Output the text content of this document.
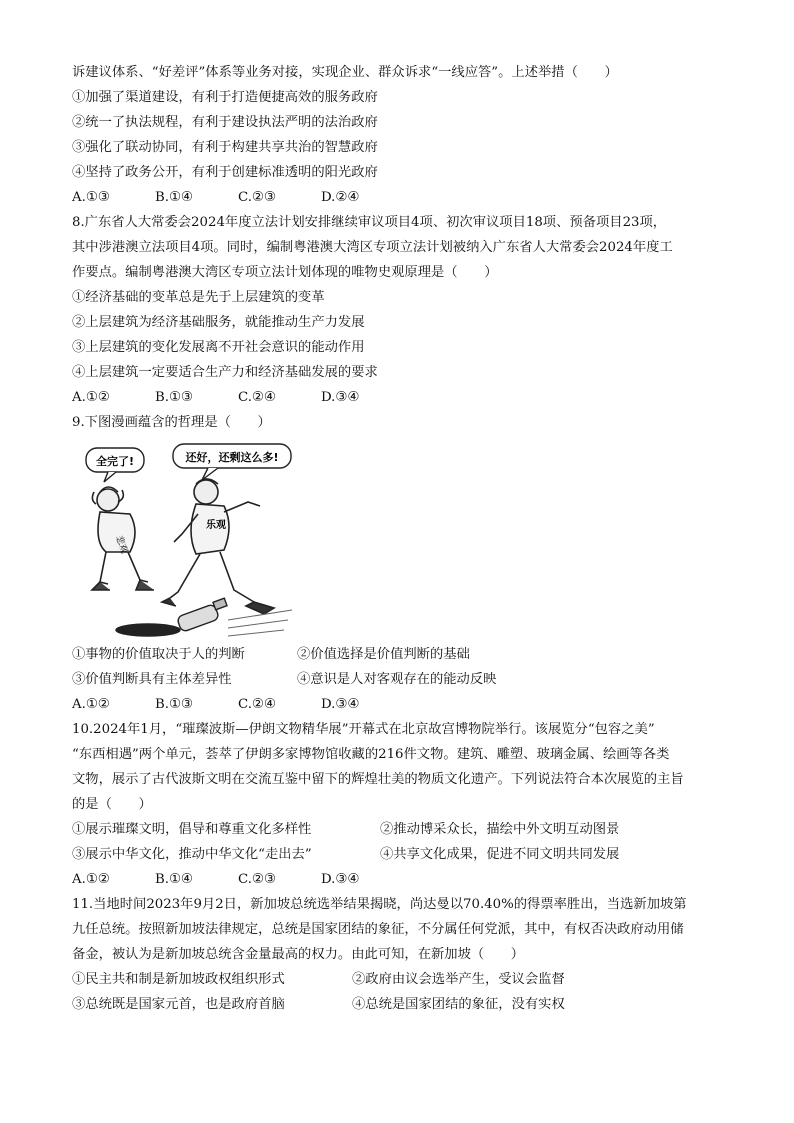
诉建议体系、“好差评”体系等业务对接，实现企业、群众诉求“一线应答”。上述举措（　　）
①加强了渠道建设，有利于打造便捷高效的服务政府
②统一了执法规程，有利于建设执法严明的法治政府
③强化了联动协同，有利于构建共享共治的智慧政府
④坚持了政务公开，有利于创建标准透明的阳光政府
A.①③	B.①④	C.②③	D.②④
8.广东省人大常委会2024年度立法计划安排继续审议项目4项、初次审议项目18项、预备项目23项，
其中涉港澳立法项目4项。同时，编制粤港澳大湾区专项立法计划被纳入广东省人大常委会2024年度工
作要点。编制粤港澳大湾区专项立法计划体现的唯物史观原理是（　　）
①经济基础的变革总是先于上层建筑的变革
②上层建筑为经济基础服务，就能推动生产力发展
③上层建筑的变化发展离不开社会意识的能动作用
④上层建筑一定要适合生产力和经济基础发展的要求
A.①②	B.①③	C.②④	D.③④
9.下图漫画蕴含的哲理是（　　）
全完了!	还好，还剩这么多!
悲观
乐观
①事物的价值取决于人的判断	②价值选择是价值判断的基础
③价值判断具有主体差异性	④意识是人对客观存在的能动反映
A.①②	B.①③	C.②④	D.③④
10.2024年1月，“璀璨波斯—伊朗文物精华展”开幕式在北京故宫博物院举行。该展览分“包容之美”
“东西相遇”两个单元，荟萃了伊朗多家博物馆收藏的216件文物。建筑、雕塑、玻璃金属、绘画等各类
文物，展示了古代波斯文明在交流互鉴中留下的辉煌壮美的物质文化遗产。下列说法符合本次展览的主旨
的是（　　）
①展示璀璨文明，倡导和尊重文化多样性	②推动博采众长，描绘中外文明互动图景
③展示中华文化，推动中华文化“走出去”	④共享文化成果，促进不同文明共同发展
A.①②	B.①④	C.②③	D.③④
11.当地时间2023年9月2日，新加坡总统选举结果揭晓，尚达曼以70.40%的得票率胜出，当选新加坡第
九任总统。按照新加坡法律规定，总统是国家团结的象征，不分属任何党派，其中，有权否决政府动用储
备金，被认为是新加坡总统含金量最高的权力。由此可知，在新加坡（　　）
①民主共和制是新加坡政权组织形式	②政府由议会选举产生，受议会监督
③总统既是国家元首，也是政府首脑	④总统是国家团结的象征，没有实权
